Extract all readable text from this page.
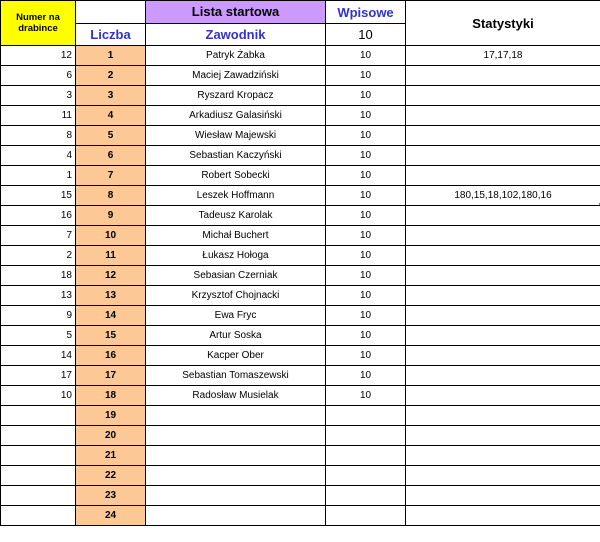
Numer na
drabince		Lista startowa	Wpisowe	Statystyki
	Liczba	Zawodnik	10	
12	1	Patryk Żabka	10	17,17,18
6	2	Maciej Zawadziński	10	
3	3	Ryszard Kropacz	10	
11	4	Arkadiusz Galasiński	10	
8	5	Wiesław Majewski	10	
4	6	Sebastian Kaczyński	10	
1	7	Robert Sobecki	10	
15	8	Leszek Hoffmann	10	180,15,18,102,180,16
16	9	Tadeusz Karolak	10	
7	10	Michał Buchert	10	
2	11	Łukasz Hołoga	10	
18	12	Sebasian Czerniak	10	
13	13	Krzysztof Chojnacki	10	
9	14	Ewa Fryc	10	
5	15	Artur Soska	10	
14	16	Kacper Ober	10	
17	17	Sebastian Tomaszewski	10	
10	18	Radosław Musielak	10	
	19			
	20			
	21			
	22			
	23			
	24			
'
